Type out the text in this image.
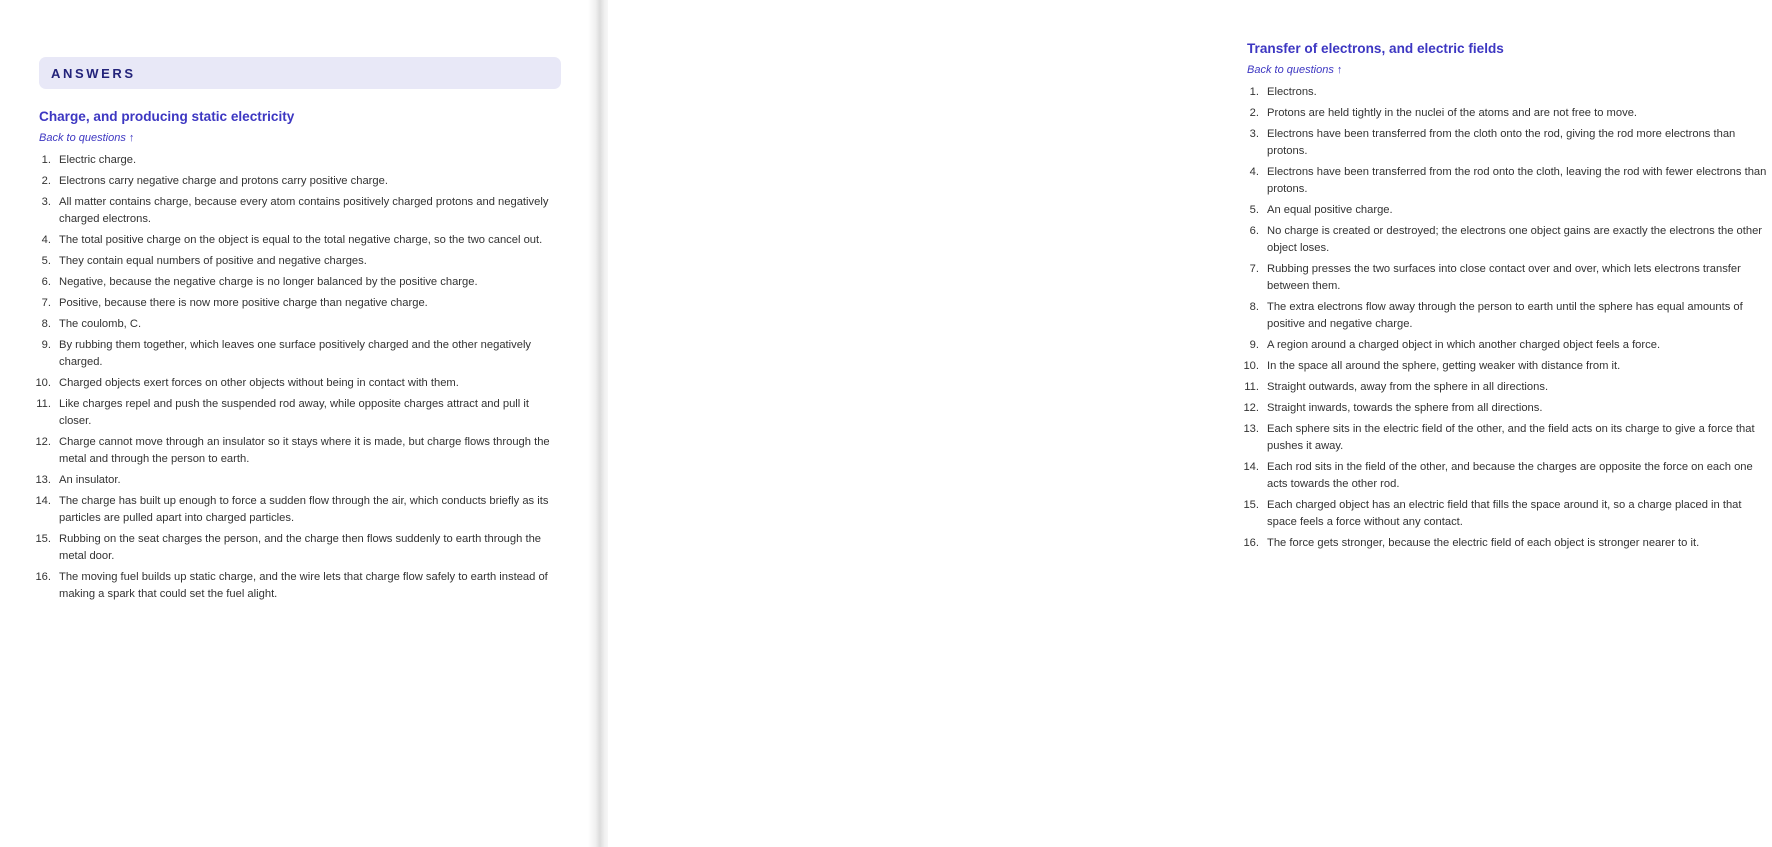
ANSWERS
Charge, and producing static electricity
Back to questions ↑
1. Electric charge.
2. Electrons carry negative charge and protons carry positive charge.
3. All matter contains charge, because every atom contains positively charged protons and negatively charged electrons.
4. The total positive charge on the object is equal to the total negative charge, so the two cancel out.
5. They contain equal numbers of positive and negative charges.
6. Negative, because the negative charge is no longer balanced by the positive charge.
7. Positive, because there is now more positive charge than negative charge.
8. The coulomb, C.
9. By rubbing them together, which leaves one surface positively charged and the other negatively charged.
10. Charged objects exert forces on other objects without being in contact with them.
11. Like charges repel and push the suspended rod away, while opposite charges attract and pull it closer.
12. Charge cannot move through an insulator so it stays where it is made, but charge flows through the metal and through the person to earth.
13. An insulator.
14. The charge has built up enough to force a sudden flow through the air, which conducts briefly as its particles are pulled apart into charged particles.
15. Rubbing on the seat charges the person, and the charge then flows suddenly to earth through the metal door.
16. The moving fuel builds up static charge, and the wire lets that charge flow safely to earth instead of making a spark that could set the fuel alight.
Transfer of electrons, and electric fields
Back to questions ↑
1. Electrons.
2. Protons are held tightly in the nuclei of the atoms and are not free to move.
3. Electrons have been transferred from the cloth onto the rod, giving the rod more electrons than protons.
4. Electrons have been transferred from the rod onto the cloth, leaving the rod with fewer electrons than protons.
5. An equal positive charge.
6. No charge is created or destroyed; the electrons one object gains are exactly the electrons the other object loses.
7. Rubbing presses the two surfaces into close contact over and over, which lets electrons transfer between them.
8. The extra electrons flow away through the person to earth until the sphere has equal amounts of positive and negative charge.
9. A region around a charged object in which another charged object feels a force.
10. In the space all around the sphere, getting weaker with distance from it.
11. Straight outwards, away from the sphere in all directions.
12. Straight inwards, towards the sphere from all directions.
13. Each sphere sits in the electric field of the other, and the field acts on its charge to give a force that pushes it away.
14. Each rod sits in the field of the other, and because the charges are opposite the force on each one acts towards the other rod.
15. Each charged object has an electric field that fills the space around it, so a charge placed in that space feels a force without any contact.
16. The force gets stronger, because the electric field of each object is stronger nearer to it.
